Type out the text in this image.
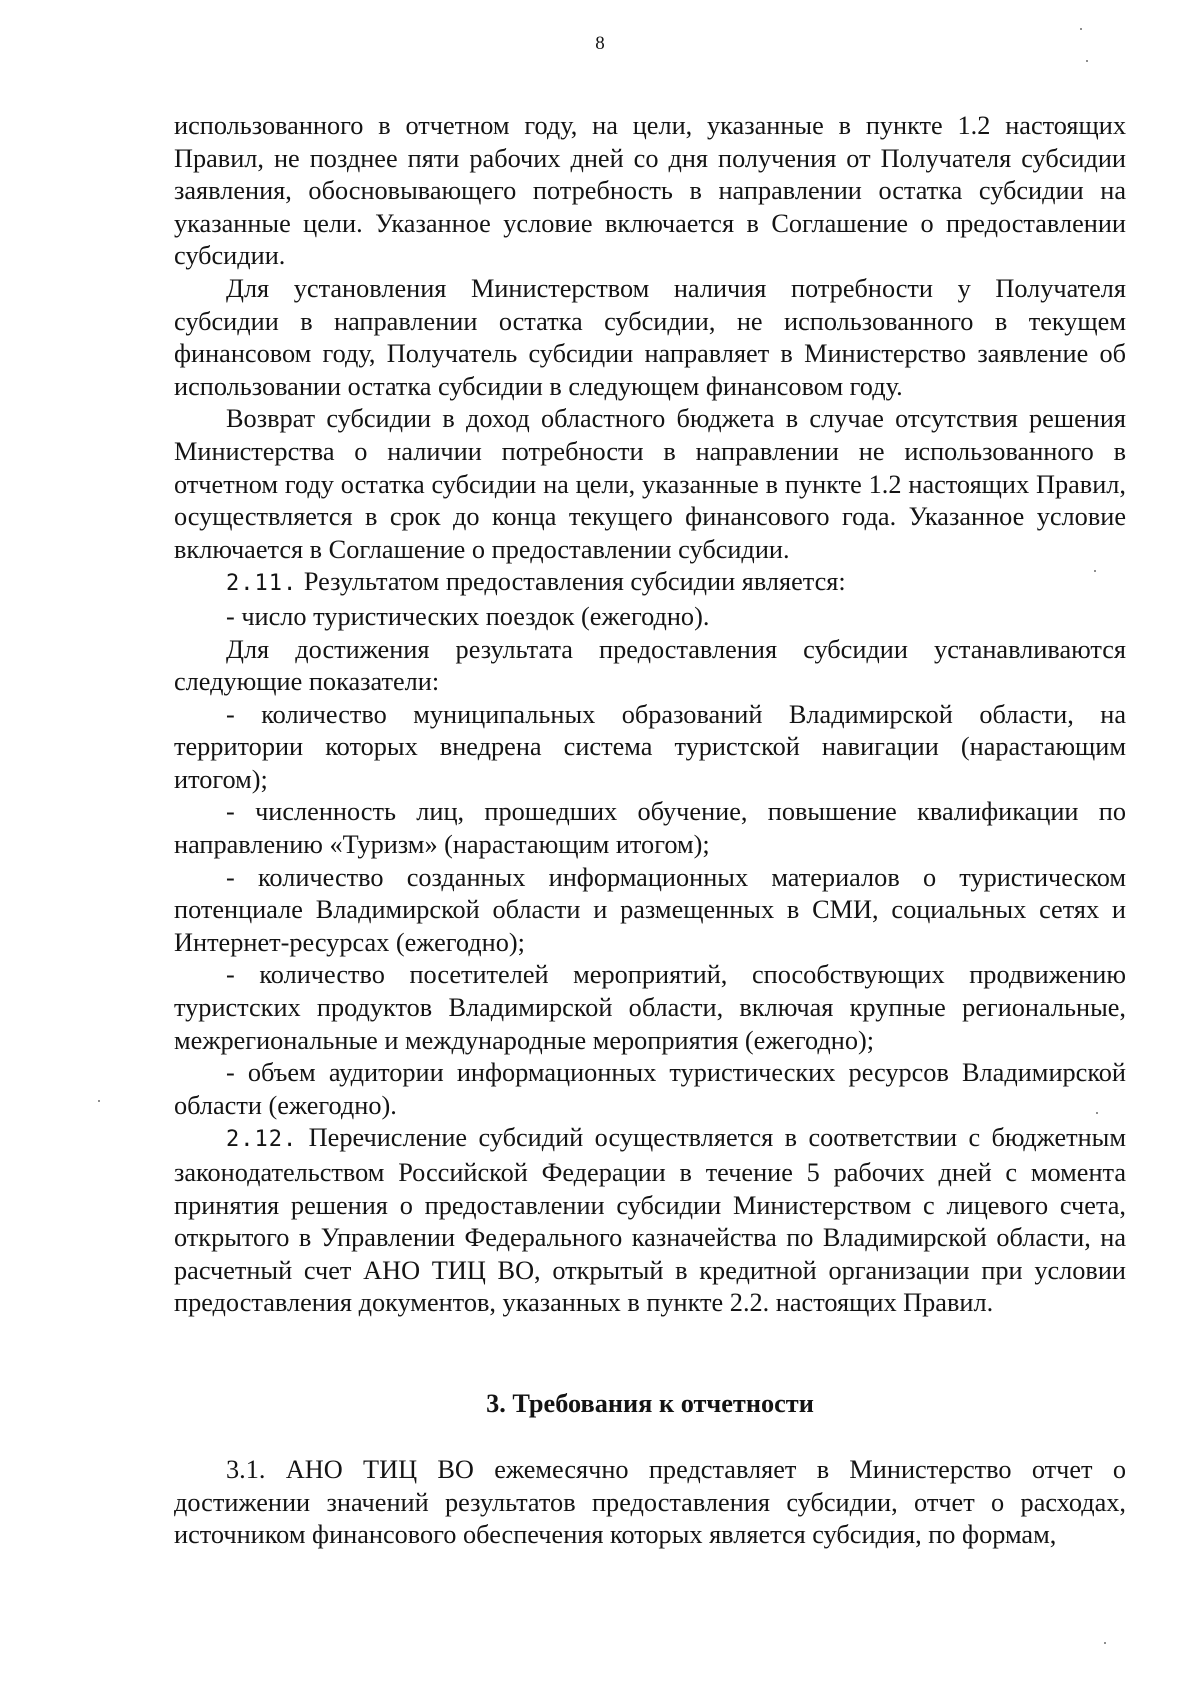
8

использованного в отчетном году, на цели, указанные в пункте 1.2 настоящих Правил, не позднее пяти рабочих дней со дня получения от Получателя субсидии заявления, обосновывающего потребность в направлении остатка субсидии на указанные цели. Указанное условие включается в Соглашение о предоставлении субсидии.

Для установления Министерством наличия потребности у Получателя субсидии в направлении остатка субсидии, не использованного в текущем финансовом году, Получатель субсидии направляет в Министерство заявление об использовании остатка субсидии в следующем финансовом году.

Возврат субсидии в доход областного бюджета в случае отсутствия решения Министерства о наличии потребности в направлении не использованного в отчетном году остатка субсидии на цели, указанные в пункте 1.2 настоящих Правил, осуществляется в срок до конца текущего финансового года. Указанное условие включается в Соглашение о предоставлении субсидии.

2.11. Результатом предоставления субсидии является:

- число туристических поездок (ежегодно).

Для достижения результата предоставления субсидии устанавливаются следующие показатели:

- количество муниципальных образований Владимирской области, на территории которых внедрена система туристской навигации (нарастающим итогом);

- численность лиц, прошедших обучение, повышение квалификации по направлению «Туризм» (нарастающим итогом);

- количество созданных информационных материалов о туристическом потенциале Владимирской области и размещенных в СМИ, социальных сетях и Интернет-ресурсах (ежегодно);

- количество посетителей мероприятий, способствующих продвижению туристских продуктов Владимирской области, включая крупные региональные, межрегиональные и международные мероприятия (ежегодно);

- объем аудитории информационных туристических ресурсов Владимирской области (ежегодно).

2.12. Перечисление субсидий осуществляется в соответствии с бюджетным законодательством Российской Федерации в течение 5 рабочих дней с момента принятия решения о предоставлении субсидии Министерством с лицевого счета, открытого в Управлении Федерального казначейства по Владимирской области, на расчетный счет АНО ТИЦ ВО, открытый в кредитной организации при условии предоставления документов, указанных в пункте 2.2. настоящих Правил.

3. Требования к отчетности

3.1. АНО ТИЦ ВО ежемесячно представляет в Министерство отчет о достижении значений результатов предоставления субсидии, отчет о расходах, источником финансового обеспечения которых является субсидия, по формам,
